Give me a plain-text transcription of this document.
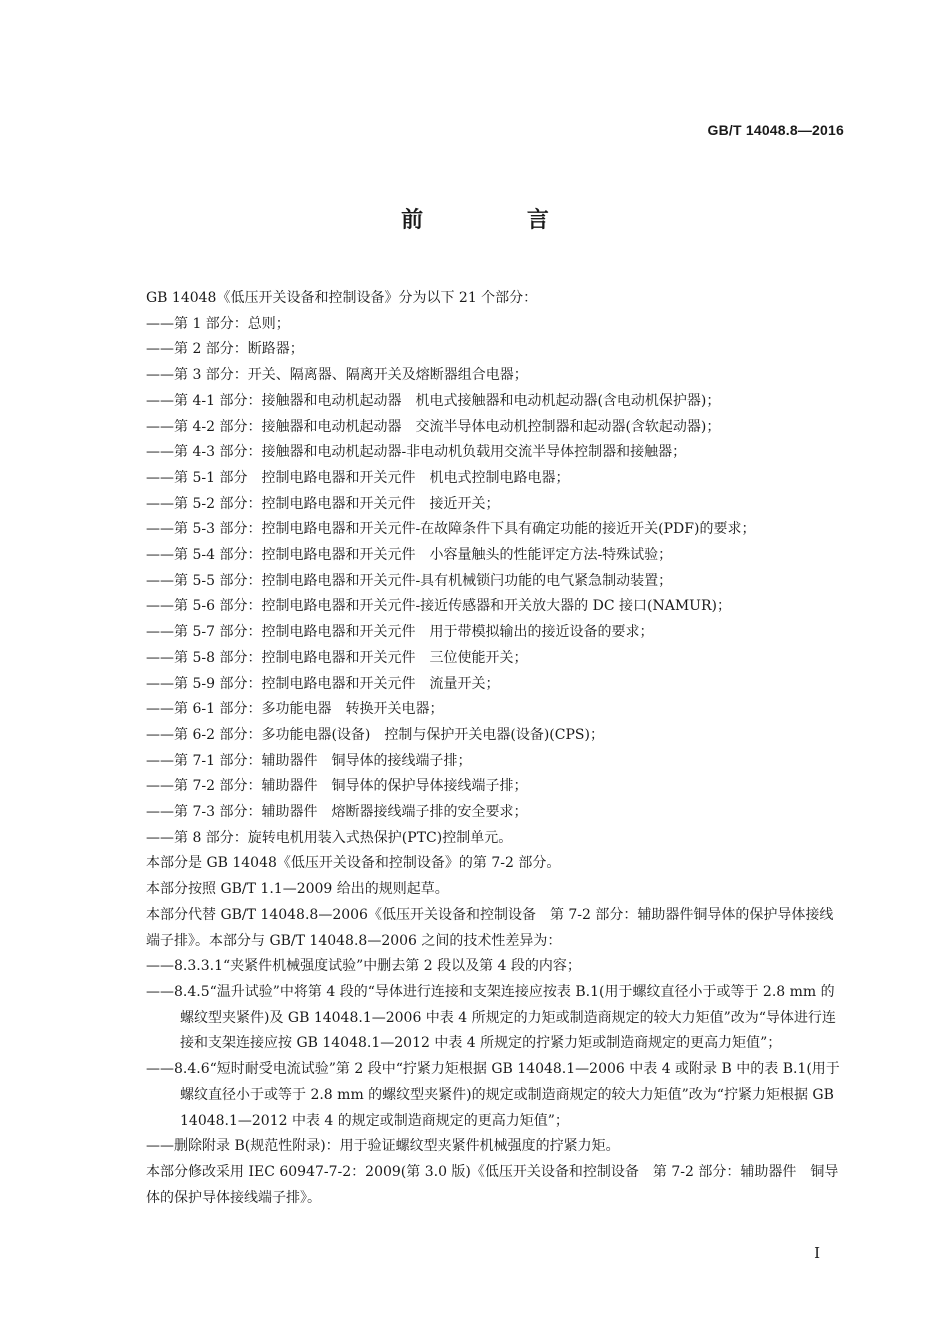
GB/T 14048.8—2016
前 言

GB 14048《低压开关设备和控制设备》分为以下 21 个部分：

——第 1 部分：总则；

——第 2 部分：断路器；

——第 3 部分：开关、隔离器、隔离开关及熔断器组合电器；

——第 4-1 部分：接触器和电动机起动器　机电式接触器和电动机起动器(含电动机保护器)；

——第 4-2 部分：接触器和电动机起动器　交流半导体电动机控制器和起动器(含软起动器)；

——第 4-3 部分：接触器和电动机起动器-非电动机负载用交流半导体控制器和接触器；

——第 5-1 部分　控制电路电器和开关元件　机电式控制电路电器；

——第 5-2 部分：控制电路电器和开关元件　接近开关；

——第 5-3 部分：控制电路电器和开关元件-在故障条件下具有确定功能的接近开关(PDF)的要求；

——第 5-4 部分：控制电路电器和开关元件　小容量触头的性能评定方法-特殊试验；

——第 5-5 部分：控制电路电器和开关元件-具有机械锁闩功能的电气紧急制动装置；

——第 5-6 部分：控制电路电器和开关元件-接近传感器和开关放大器的 DC 接口(NAMUR)；

——第 5-7 部分：控制电路电器和开关元件　用于带模拟输出的接近设备的要求；

——第 5-8 部分：控制电路电器和开关元件　三位使能开关；

——第 5-9 部分：控制电路电器和开关元件　流量开关；

——第 6-1 部分：多功能电器　转换开关电器；

——第 6-2 部分：多功能电器(设备)　控制与保护开关电器(设备)(CPS)；

——第 7-1 部分：辅助器件　铜导体的接线端子排；

——第 7-2 部分：辅助器件　铜导体的保护导体接线端子排；

——第 7-3 部分：辅助器件　熔断器接线端子排的安全要求；

——第 8 部分：旋转电机用装入式热保护(PTC)控制单元。

本部分是 GB 14048《低压开关设备和控制设备》的第 7-2 部分。

本部分按照 GB/T 1.1—2009 给出的规则起草。

本部分代替 GB/T 14048.8—2006《低压开关设备和控制设备　第 7-2 部分：辅助器件铜导体的保护导体接线端子排》。本部分与 GB/T 14048.8—2006 之间的技术性差异为：

——8.3.3.1“夹紧件机械强度试验”中删去第 2 段以及第 4 段的内容；

——8.4.5“温升试验”中将第 4 段的“导体进行连接和支架连接应按表 B.1(用于螺纹直径小于或等于 2.8 mm 的螺纹型夹紧件)及 GB 14048.1—2006 中表 4 所规定的力矩或制造商规定的较大力矩值”改为“导体进行连接和支架连接应按 GB 14048.1—2012 中表 4 所规定的拧紧力矩或制造商规定的更高力矩值”；

——8.4.6“短时耐受电流试验”第 2 段中“拧紧力矩根据 GB 14048.1—2006 中表 4 或附录 B 中的表 B.1(用于螺纹直径小于或等于 2.8 mm 的螺纹型夹紧件)的规定或制造商规定的较大力矩值”改为“拧紧力矩根据 GB 14048.1—2012 中表 4 的规定或制造商规定的更高力矩值”；

——删除附录 B(规范性附录)：用于验证螺纹型夹紧件机械强度的拧紧力矩。

本部分修改采用 IEC 60947-7-2：2009(第 3.0 版)《低压开关设备和控制设备　第 7-2 部分：辅助器件　铜导体的保护导体接线端子排》。

I
